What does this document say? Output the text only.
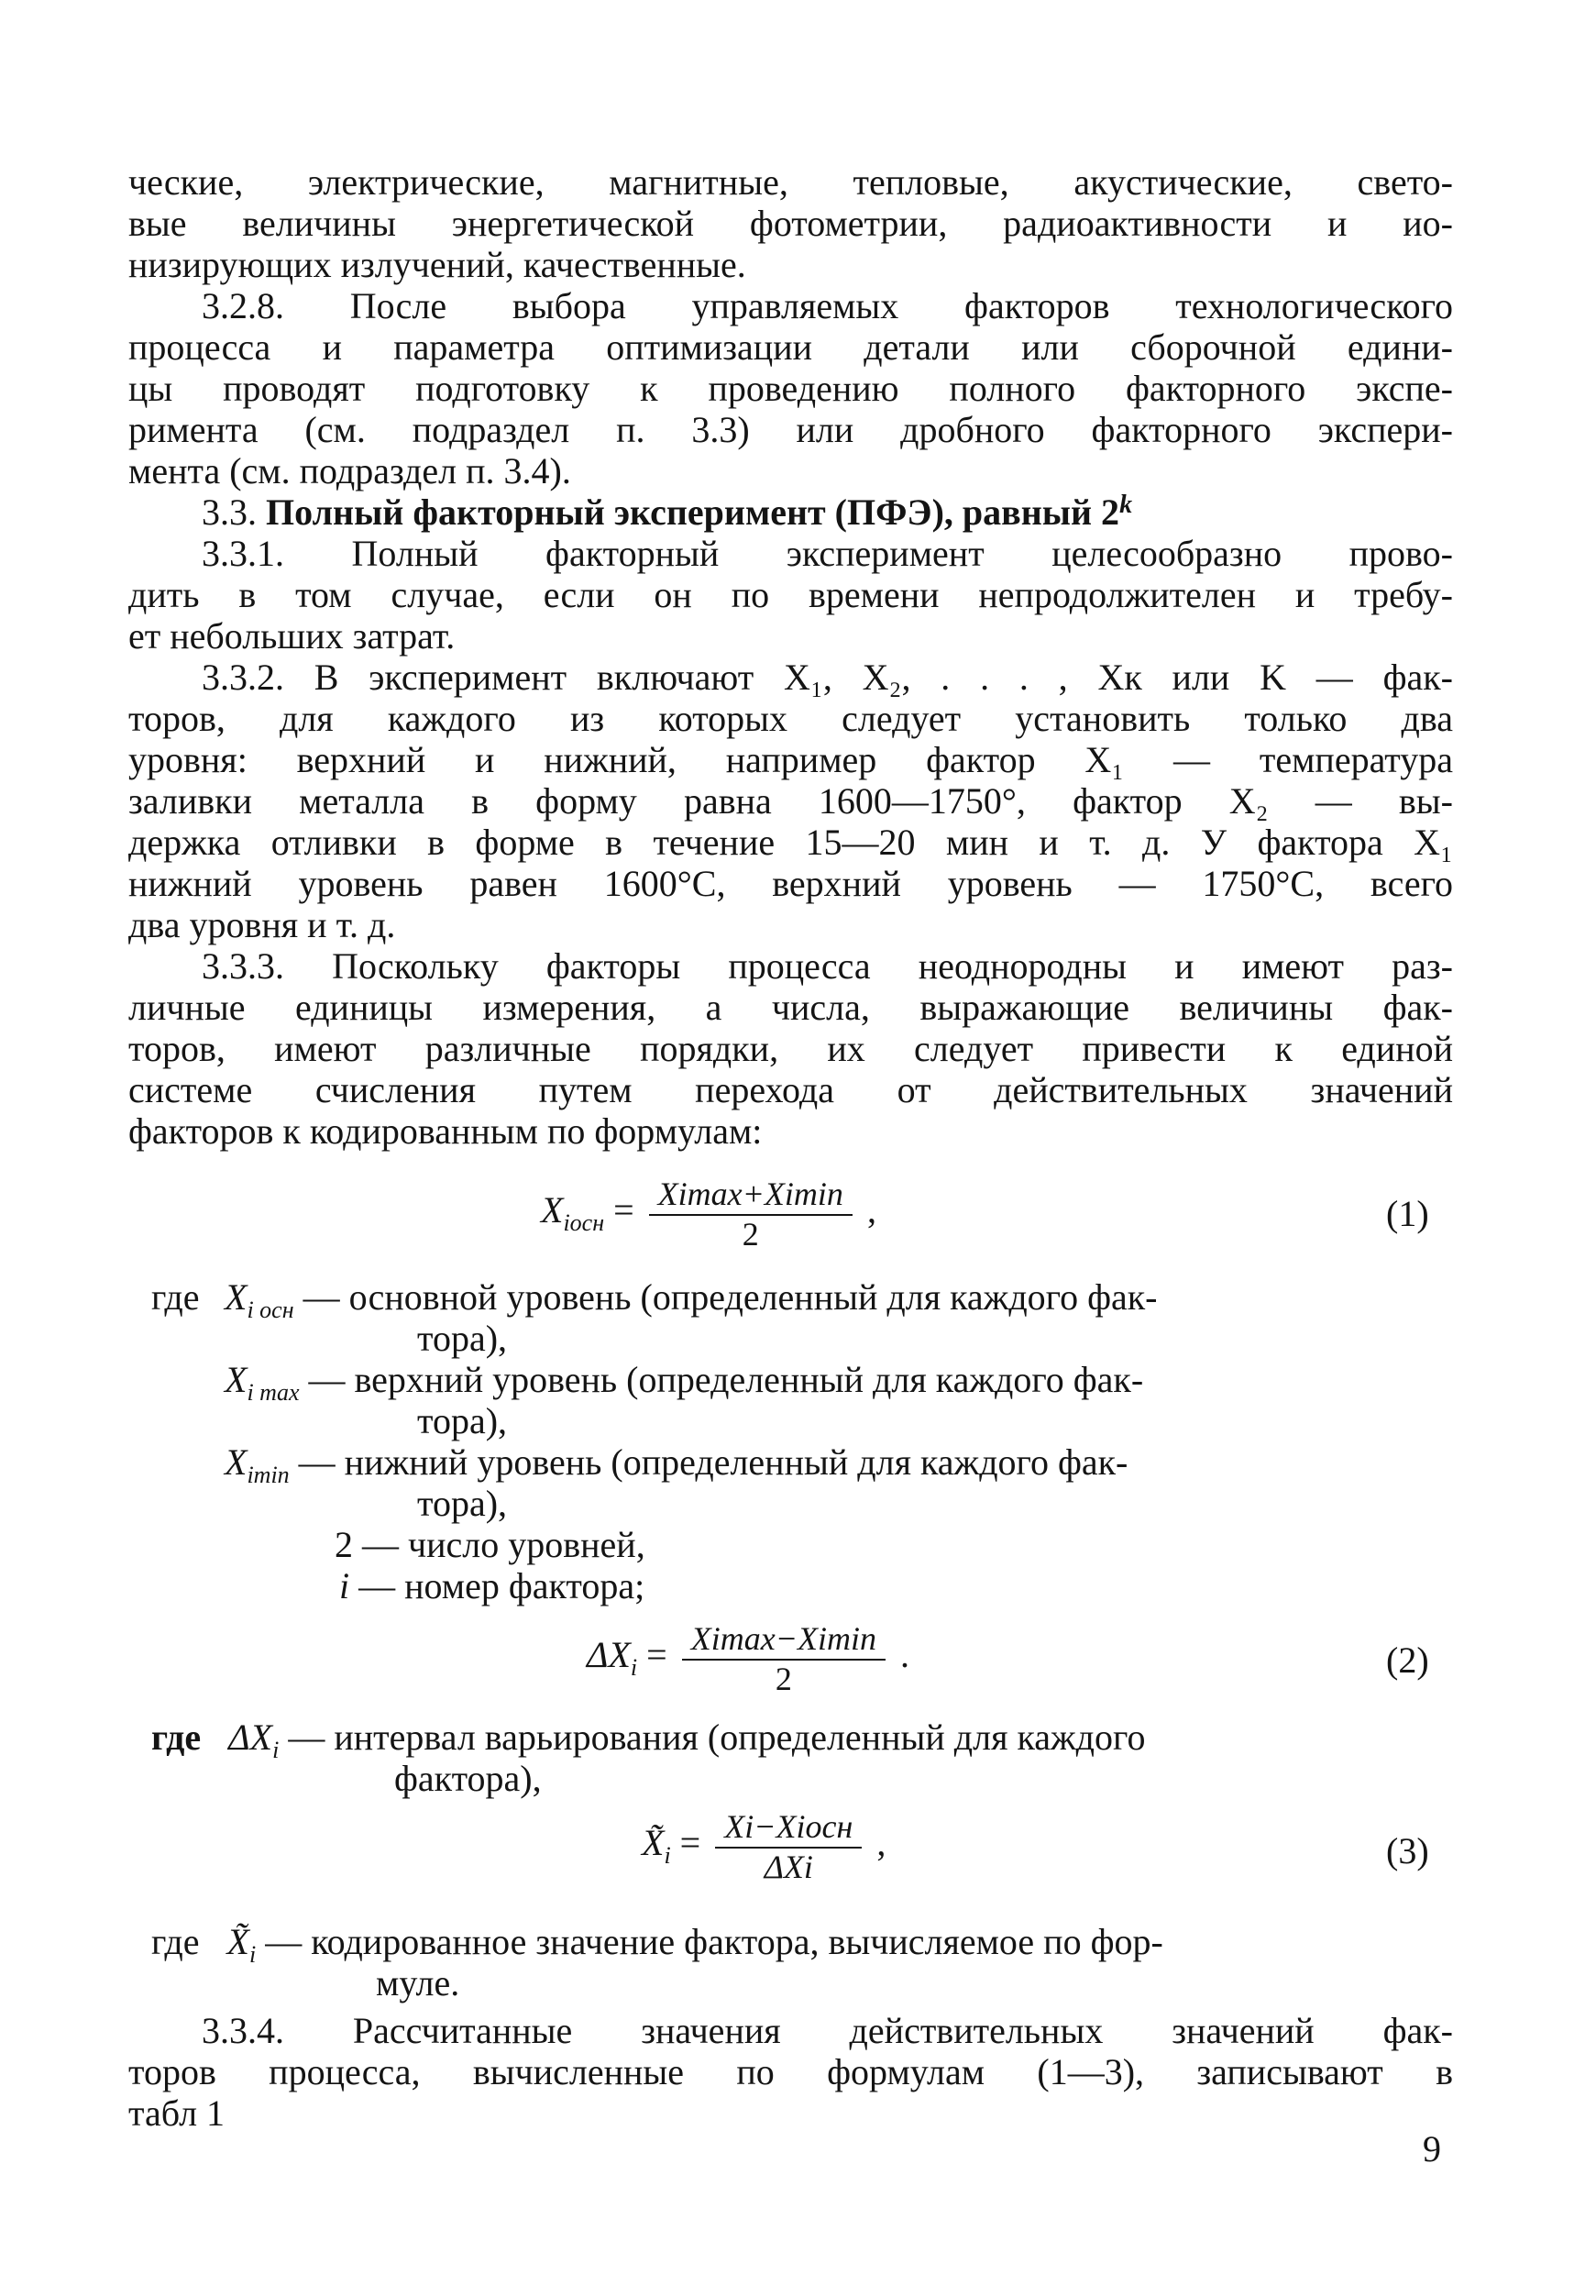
ческие, электрические, магнитные, тепловые, акустические, свето-
вые величины энергетической фотометрии, радиоактивности и ио-
низирующих излучений, качественные.
3.2.8. После выбора управляемых факторов технологического
процесса и параметра оптимизации детали или сборочной едини-
цы проводят подготовку к проведению полного факторного экспе-
римента (см. подраздел п. 3.3) или дробного факторного экспери-
мента (см. подраздел п. 3.4).
3.3. Полный факторный эксперимент (ПФЭ), равный 2$^k$
3.3.1. Полный факторный эксперимент целесообразно прово-
дить в том случае, если он по времени непродолжителен и требу-
ет небольших затрат.
3.3.2. В эксперимент включают X₁, X₂, . . . , Xк или K — фак-
торов, для каждого из которых следует установить только два
уровня: верхний и нижний, например фактор X₁ — температура
заливки металла в форму равна 1600—1750°, фактор X₂ — вы-
держка отливки в форме в течение 15—20 мин и т. д. У фактора X₁
нижний уровень равен 1600°С, верхний уровень — 1750°С, всего
два уровня и т. д.
3.3.3. Поскольку факторы процесса неоднородны и имеют раз-
личные единицы измерения, а числа, выражающие величины фак-
торов, имеют различные порядки, их следует привести к единой
системе счисления путем перехода от действительных значений
факторов к кодированным по формулам:
$X_{iосн} = \frac{Ximax+Ximin}{2}$ ,	(1)
где $X_{i осн}$ — основной уровень (определенный для каждого фак-
тора),
$X_{i max}$ — верхний уровень (определенный для каждого фак-
тора),
$X_{imin}$ — нижний уровень (определенный для каждого фак-
тора),
2 — число уровней,
i — номер фактора;
$\Delta X_i = \frac{Ximax-Ximin}{2}$ .	(2)
где $\Delta X_i$ — интервал варьирования (определенный для каждого
фактора),
$X̃_i = \frac{\text{Xi−Xiосн}}{\text{ΔXi}}$ ,	(3)
где $X̃_i$ — кодированное значение фактора, вычисляемое по фор-
муле.
3.3.4. Рассчитанные значения действительных значений фак-
торов процесса, вычисленные по формулам (1—3), записывают в
табл 1
9
